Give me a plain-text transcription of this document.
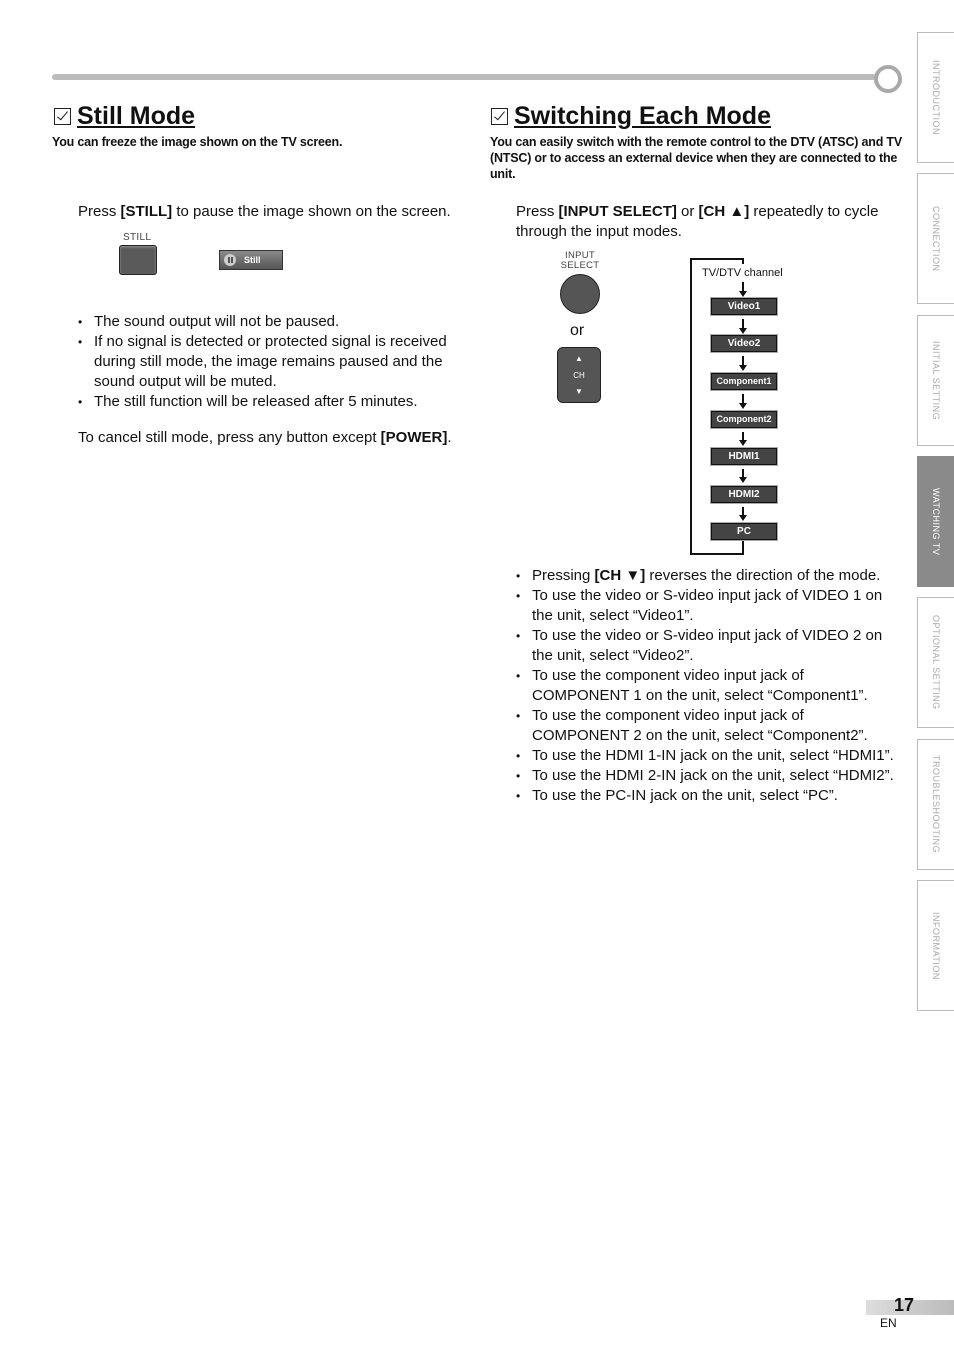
Still Mode
You can freeze the image shown on the TV screen.
Press [STILL] to pause the image shown on the screen.
STILL
Still
• The sound output will not be paused.
• If no signal is detected or protected signal is received during still mode, the image remains paused and the sound output will be muted.
• The still function will be released after 5 minutes.
To cancel still mode, press any button except [POWER].
Switching Each Mode
You can easily switch with the remote control to the DTV (ATSC) and TV (NTSC) or to access an external device when they are connected to the unit.
Press [INPUT SELECT] or [CH ▲] repeatedly to cycle through the input modes.
INPUT SELECT
or
▲
CH
▼
TV/DTV channel
Video1
Video2
Component1
Component2
HDMI1
HDMI2
PC
• Pressing [CH ▼] reverses the direction of the mode.
• To use the video or S-video input jack of VIDEO 1 on the unit, select “Video1”.
• To use the video or S-video input jack of VIDEO 2 on the unit, select “Video2”.
• To use the component video input jack of COMPONENT 1 on the unit, select “Component1”.
• To use the component video input jack of COMPONENT 2 on the unit, select “Component2”.
• To use the HDMI 1-IN jack on the unit, select “HDMI1”.
• To use the HDMI 2-IN jack on the unit, select “HDMI2”.
• To use the PC-IN jack on the unit, select “PC”.
INTRODUCTION
CONNECTION
INITIAL SETTING
WATCHING TV
OPTIONAL SETTING
TROUBLESHOOTING
INFORMATION
17
EN
